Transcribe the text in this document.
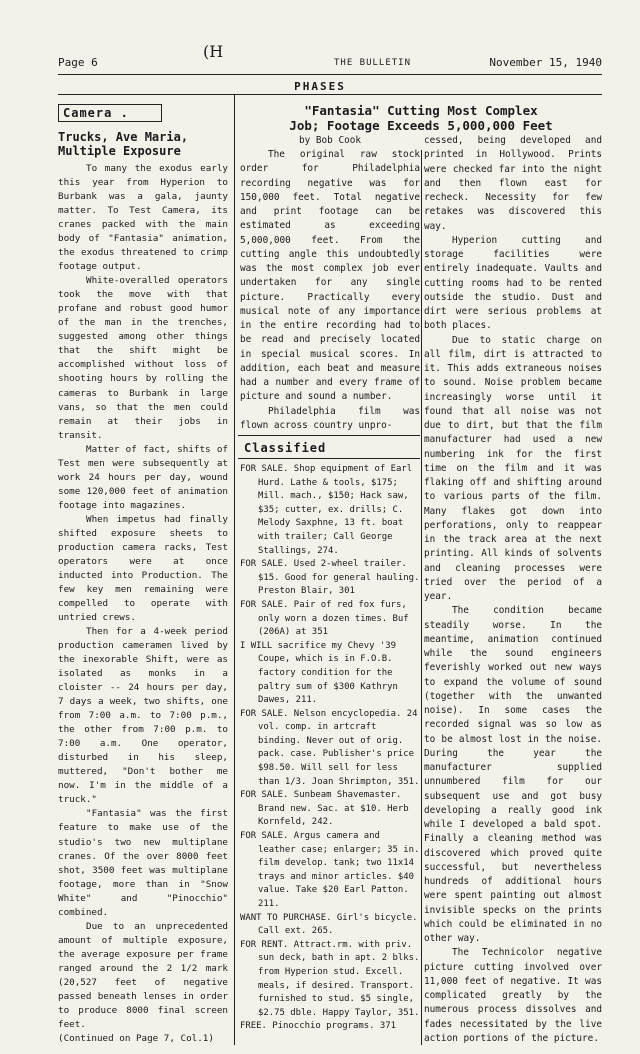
Page 6
(H
THE BULLETIN	November 15, 1940
PHASES
Camera .
Trucks, Ave Maria, Multiple Exposure

To many the exodus early this year from Hyperion to Burbank was a gala, jaunty matter. To Test Camera, its cranes packed with the main body of "Fantasia" animation, the exodus threatened to crimp footage output.

White-overalled operators took the move with that profane and robust good humor of the man in the trenches, suggested among other things that the shift might be accomplished without loss of shooting hours by rolling the cameras to Burbank in large vans, so that the men could remain at their jobs in transit.

Matter of fact, shifts of Test men were subsequently at work 24 hours per day, wound some 120,000 feet of animation footage into magazines.

When impetus had finally shifted exposure sheets to production camera racks, Test operators were at once inducted into Production. The few key men remaining were compelled to operate with untried crews.

Then for a 4-week period production cameramen lived by the inexorable Shift, were as isolated as monks in a cloister -- 24 hours per day, 7 days a week, two shifts, one from 7:00 a.m. to 7:00 p.m., the other from 7:00 p.m. to 7:00 a.m. One operator, disturbed in his sleep, muttered, "Don't bother me now. I'm in the middle of a truck."

"Fantasia" was the first feature to make use of the studio's two new multiplane cranes. Of the over 8000 feet shot, 3500 feet was multiplane footage, more than in "Snow White" and "Pinocchio" combined.

Due to an unprecedented amount of multiple exposure, the average exposure per frame ranged around the 2 1/2 mark (20,527 feet of negative passed beneath lenses in order to produce 8000 final screen feet.

(Continued on Page 7, Col.1)

"Fantasia" Cutting Most Complex
Job; Footage Exceeds 5,000,000 Feet
by Bob Cook

The original raw stock order for Philadelphia recording negative was for 150,000 feet. Total negative and print footage can be estimated as exceeding 5,000,000 feet. From the cutting angle this undoubtedly was the most complex job ever undertaken for any single picture. Practically every musical note of any importance in the entire recording had to be read and precisely located in special musical scores. In addition, each beat and measure had a number and every frame of picture and sound a number.

Philadelphia film was flown across country unpro-

cessed, being developed and printed in Hollywood. Prints were checked far into the night and then flown east for recheck. Necessity for few retakes was discovered this way.

Hyperion cutting and storage facilities were entirely inadequate. Vaults and cutting rooms had to be rented outside the studio. Dust and dirt were serious problems at both places.

Due to static charge on all film, dirt is attracted to it. This adds extraneous noises to sound. Noise problem became increasingly worse until it found that all noise was not due to dirt, but that the film manufacturer had used a new numbering ink for the first time on the film and it was flaking off and shifting around to various parts of the film. Many flakes got down into perforations, only to reappear in the track area at the next printing. All kinds of solvents and cleaning processes were tried over the period of a year.

The condition became steadily worse. In the meantime, animation continued while the sound engineers feverishly worked out new ways to expand the volume of sound (together with the unwanted noise). In some cases the recorded signal was so low as to be almost lost in the noise. During the year the manufacturer supplied unnumbered film for our subsequent use and got busy developing a really good ink while I developed a bald spot. Finally a cleaning method was discovered which proved quite successful, but nevertheless hundreds of additional hours were spent painting out almost invisible specks on the prints which could be eliminated in no other way.

The Technicolor negative picture cutting involved over 11,000 feet of negative. It was complicated greatly by the numerous process dissolves and fades necessitated by the live action portions of the picture.

Classified

FOR SALE. Shop equipment of Earl Hurd. Lathe & tools, $175; Mill. mach., $150; Hack saw, $35; cutter, ex. drills; C. Melody Saxphne, 13 ft. boat with trailer; Call George Stallings, 274.

FOR SALE. Used 2-wheel trailer. $15. Good for general hauling. Preston Blair, 301

FOR SALE. Pair of red fox furs, only worn a dozen times. Buf (206A) at 351

I WILL sacrifice my Chevy '39 Coupe, which is in F.O.B. factory condition for the paltry sum of $300 Kathryn Dawes, 211.

FOR SALE. Nelson encyclopedia. 24 vol. comp. in artcraft binding. Never out of orig. pack. case. Publisher's price $98.50. Will sell for less than 1/3. Joan Shrimpton, 351.

FOR SALE. Sunbeam Shavemaster. Brand new. Sac. at $10. Herb Kornfeld, 242.

FOR SALE. Argus camera and leather case; enlarger; 35 in. film develop. tank; two 11x14 trays and minor articles. $40 value. Take $20 Earl Patton. 211.

WANT TO PURCHASE. Girl's bicycle. Call ext. 265.

FOR RENT. Attract.rm. with priv. sun deck, bath in apt. 2 blks. from Hyperion stud. Excell. meals, if desired. Transport. furnished to stud. $5 single, $2.75 dble. Happy Taylor, 351.

FREE. Pinocchio programs. 371
